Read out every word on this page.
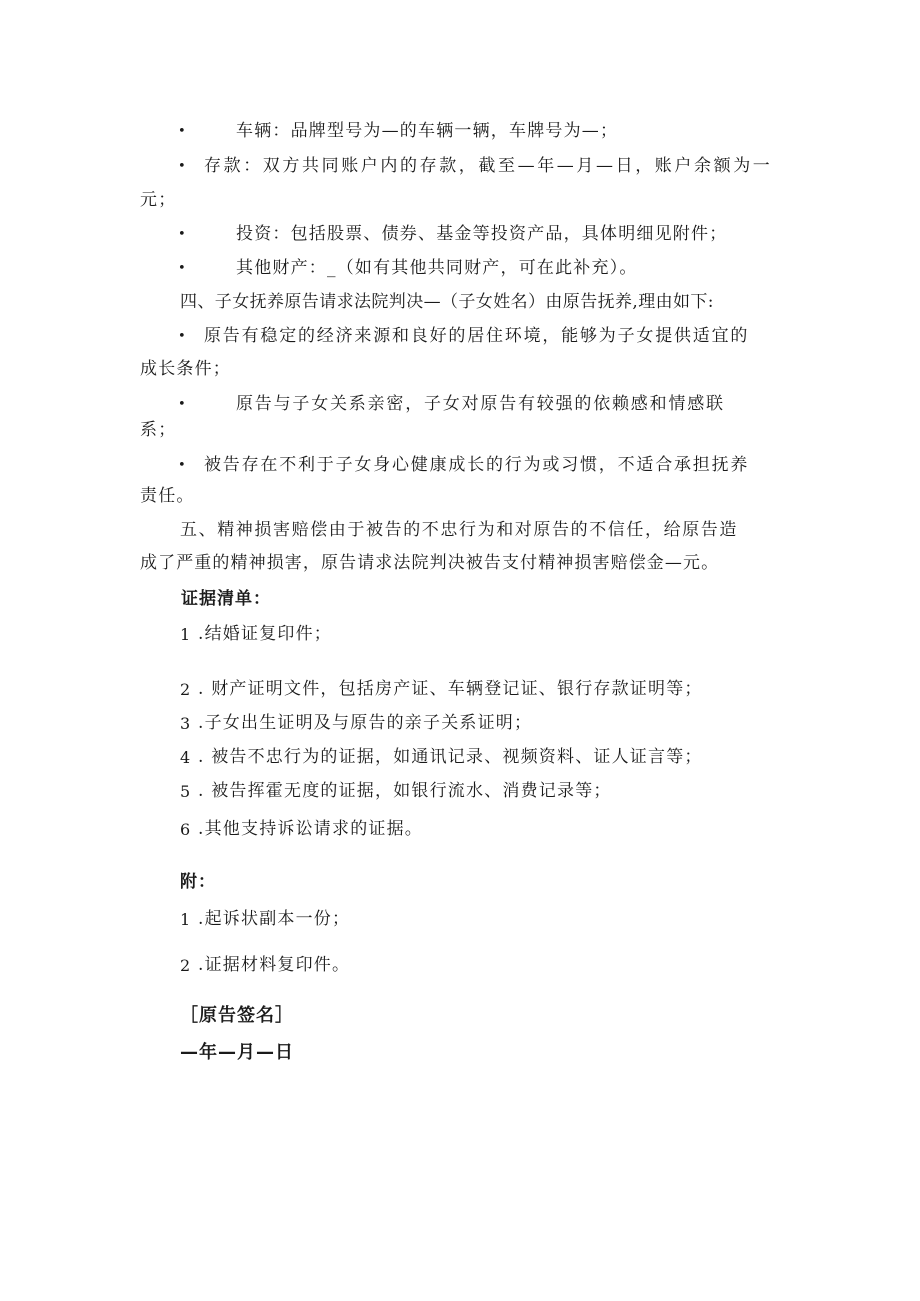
•	车辆：品牌型号为—的车辆一辆，车牌号为—；
• 存款：双方共同账户内的存款，截至—年—月—日，账户余额为一
元；
•	投资：包括股票、债券、基金等投资产品，具体明细见附件；
•	其他财产：_（如有其他共同财产，可在此补充）。
四、子女抚养原告请求法院判决—（子女姓名）由原告抚养,理由如下:
• 原告有稳定的经济来源和良好的居住环境，能够为子女提供适宜的
成长条件；
•	原告与子女关系亲密，子女对原告有较强的依赖感和情感联
系；
• 被告存在不利于子女身心健康成长的行为或习惯，不适合承担抚养
责任。
五、精神损害赔偿由于被告的不忠行为和对原告的不信任，给原告造
成了严重的精神损害，原告请求法院判决被告支付精神损害赔偿金—元。
证据清单：
1 .结婚证复印件；
2 . 财产证明文件，包括房产证、车辆登记证、银行存款证明等；
3 .子女出生证明及与原告的亲子关系证明；
4 . 被告不忠行为的证据，如通讯记录、视频资料、证人证言等；
5 . 被告挥霍无度的证据，如银行流水、消费记录等；
6 .其他支持诉讼请求的证据。
附：
1 .起诉状副本一份；
2 .证据材料复印件。
［原告签名］
—年—月—日
